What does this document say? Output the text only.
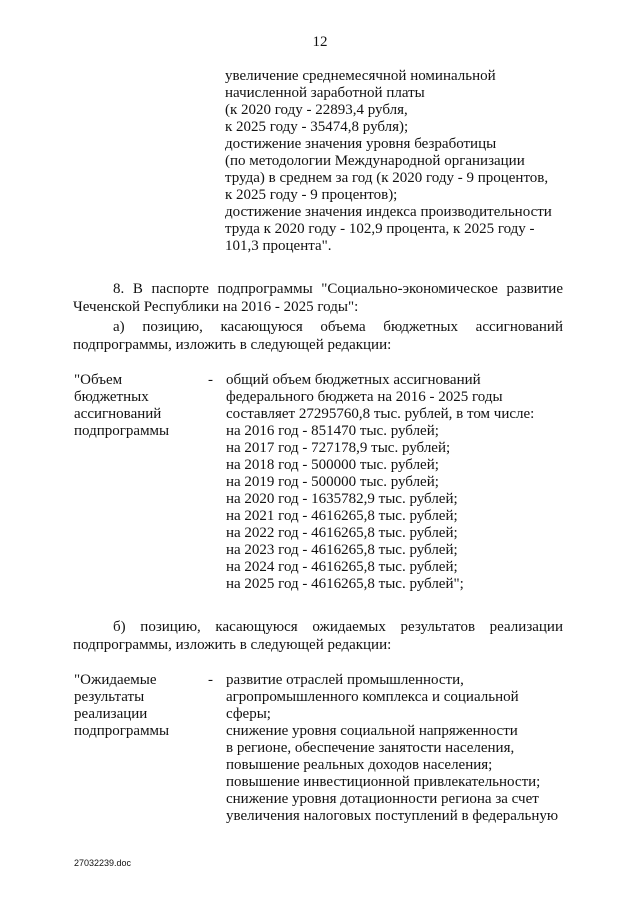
12
увеличение среднемесячной номинальной
начисленной заработной платы
(к 2020 году - 22893,4 рубля,
к 2025 году - 35474,8 рубля);
достижение значения уровня безработицы
(по методологии Международной организации
труда) в среднем за год (к 2020 году - 9 процентов,
к 2025 году - 9 процентов);
достижение значения индекса производительности
труда к 2020 году - 102,9 процента, к 2025 году -
101,3 процента".
8. В паспорте подпрограммы "Социально-экономическое развитие Чеченской Республики на 2016 - 2025 годы":
а) позицию, касающуюся объема бюджетных ассигнований подпрограммы, изложить в следующей редакции:
"Объем
бюджетных
ассигнований
подпрограммы
- общий объем бюджетных ассигнований
федерального бюджета на 2016 - 2025 годы
составляет 27295760,8 тыс. рублей, в том числе:
на 2016 год - 851470 тыс. рублей;
на 2017 год - 727178,9 тыс. рублей;
на 2018 год - 500000 тыс. рублей;
на 2019 год - 500000 тыс. рублей;
на 2020 год - 1635782,9 тыс. рублей;
на 2021 год - 4616265,8 тыс. рублей;
на 2022 год - 4616265,8 тыс. рублей;
на 2023 год - 4616265,8 тыс. рублей;
на 2024 год - 4616265,8 тыс. рублей;
на 2025 год - 4616265,8 тыс. рублей";
б) позицию, касающуюся ожидаемых результатов реализации подпрограммы, изложить в следующей редакции:
"Ожидаемые
результаты
реализации
подпрограммы
- развитие отраслей промышленности,
агропромышленного комплекса и социальной
сферы;
снижение уровня социальной напряженности
в регионе, обеспечение занятости населения,
повышение реальных доходов населения;
повышение инвестиционной привлекательности;
снижение уровня дотационности региона за счет
увеличения налоговых поступлений в федеральную
27032239.doc
